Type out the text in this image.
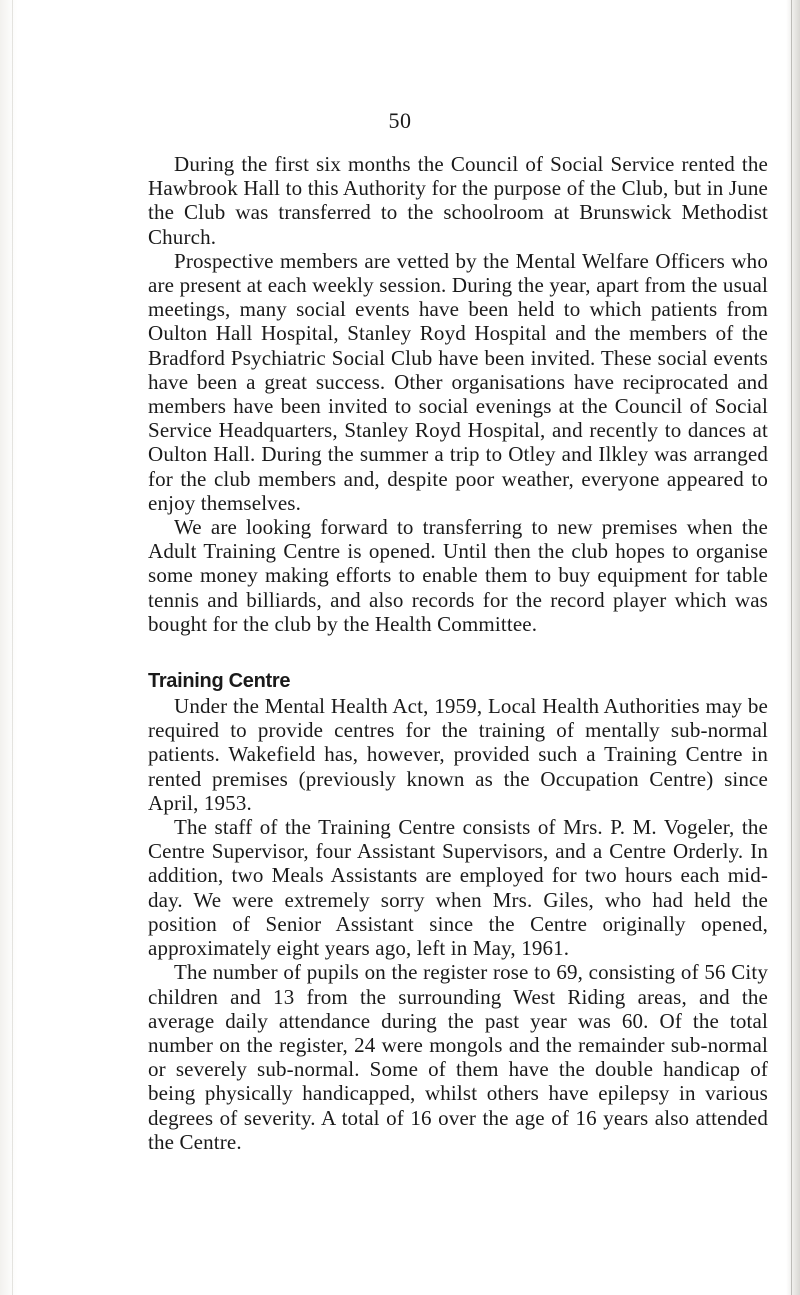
50

During the first six months the Council of Social Service rented the Hawbrook Hall to this Authority for the purpose of the Club, but in June the Club was transferred to the schoolroom at Brunswick Methodist Church.

Prospective members are vetted by the Mental Welfare Officers who are present at each weekly session. During the year, apart from the usual meetings, many social events have been held to which patients from Oulton Hall Hospital, Stanley Royd Hospital and the members of the Bradford Psychiatric Social Club have been invited. These social events have been a great success. Other organisations have reciprocated and members have been invited to social evenings at the Council of Social Service Headquarters, Stanley Royd Hospital, and recently to dances at Oulton Hall. During the summer a trip to Otley and Ilkley was arranged for the club members and, despite poor weather, everyone appeared to enjoy themselves.

We are looking forward to transferring to new premises when the Adult Training Centre is opened. Until then the club hopes to organise some money making efforts to enable them to buy equipment for table tennis and billiards, and also records for the record player which was bought for the club by the Health Committee.

Training Centre

Under the Mental Health Act, 1959, Local Health Authorities may be required to provide centres for the training of mentally sub-normal patients. Wakefield has, however, provided such a Training Centre in rented premises (previously known as the Occupation Centre) since April, 1953.

The staff of the Training Centre consists of Mrs. P. M. Vogeler, the Centre Supervisor, four Assistant Supervisors, and a Centre Orderly. In addition, two Meals Assistants are employed for two hours each mid-day. We were extremely sorry when Mrs. Giles, who had held the position of Senior Assistant since the Centre originally opened, approximately eight years ago, left in May, 1961.

The number of pupils on the register rose to 69, consisting of 56 City children and 13 from the surrounding West Riding areas, and the average daily attendance during the past year was 60. Of the total number on the register, 24 were mongols and the remainder sub-normal or severely sub-normal. Some of them have the double handicap of being physically handicapped, whilst others have epilepsy in various degrees of severity. A total of 16 over the age of 16 years also attended the Centre.
